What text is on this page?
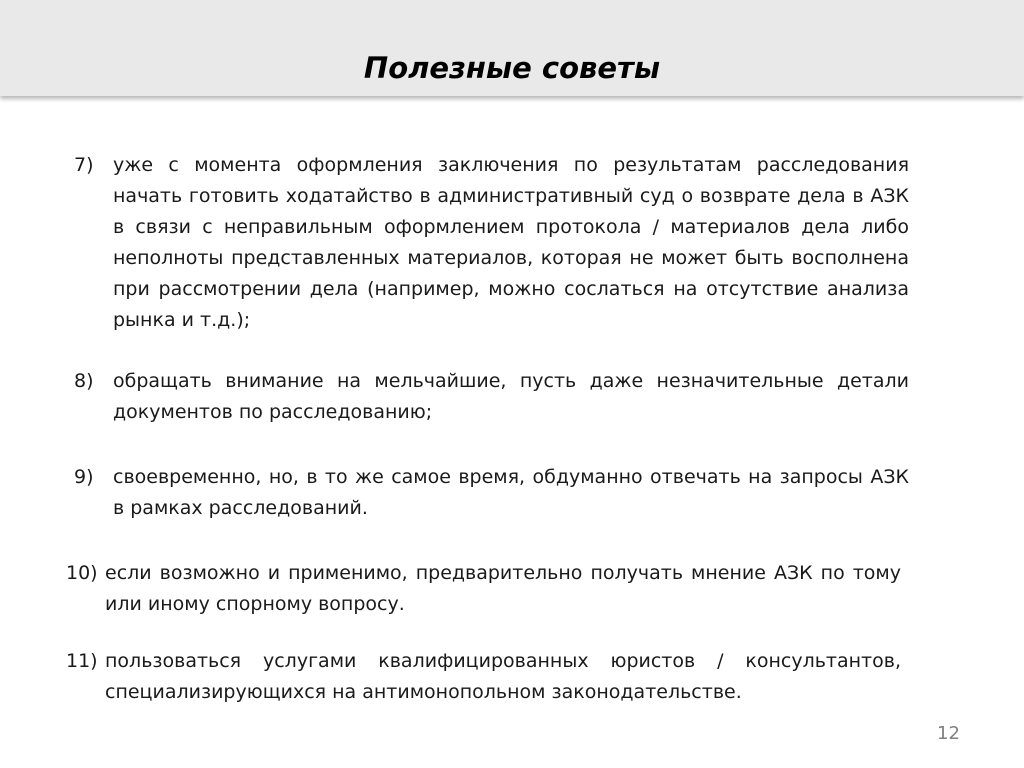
Полезные советы
7) уже с момента оформления заключения по результатам расследования начать готовить ходатайство в административный суд о возврате дела в АЗК в связи с неправильным оформлением протокола / материалов дела либо неполноты представленных материалов, которая не может быть восполнена при рассмотрении дела (например, можно сослаться на отсутствие анализа рынка и т.д.);
8) обращать внимание на мельчайшие, пусть даже незначительные детали документов по расследованию;
9) своевременно, но, в то же самое время, обдуманно отвечать на запросы АЗК в рамках расследований.
10) если возможно и применимо, предварительно получать мнение АЗК по тому или иному спорному вопросу.
11) пользоваться услугами квалифицированных юристов / консультантов, специализирующихся на антимонопольном законодательстве.
12
